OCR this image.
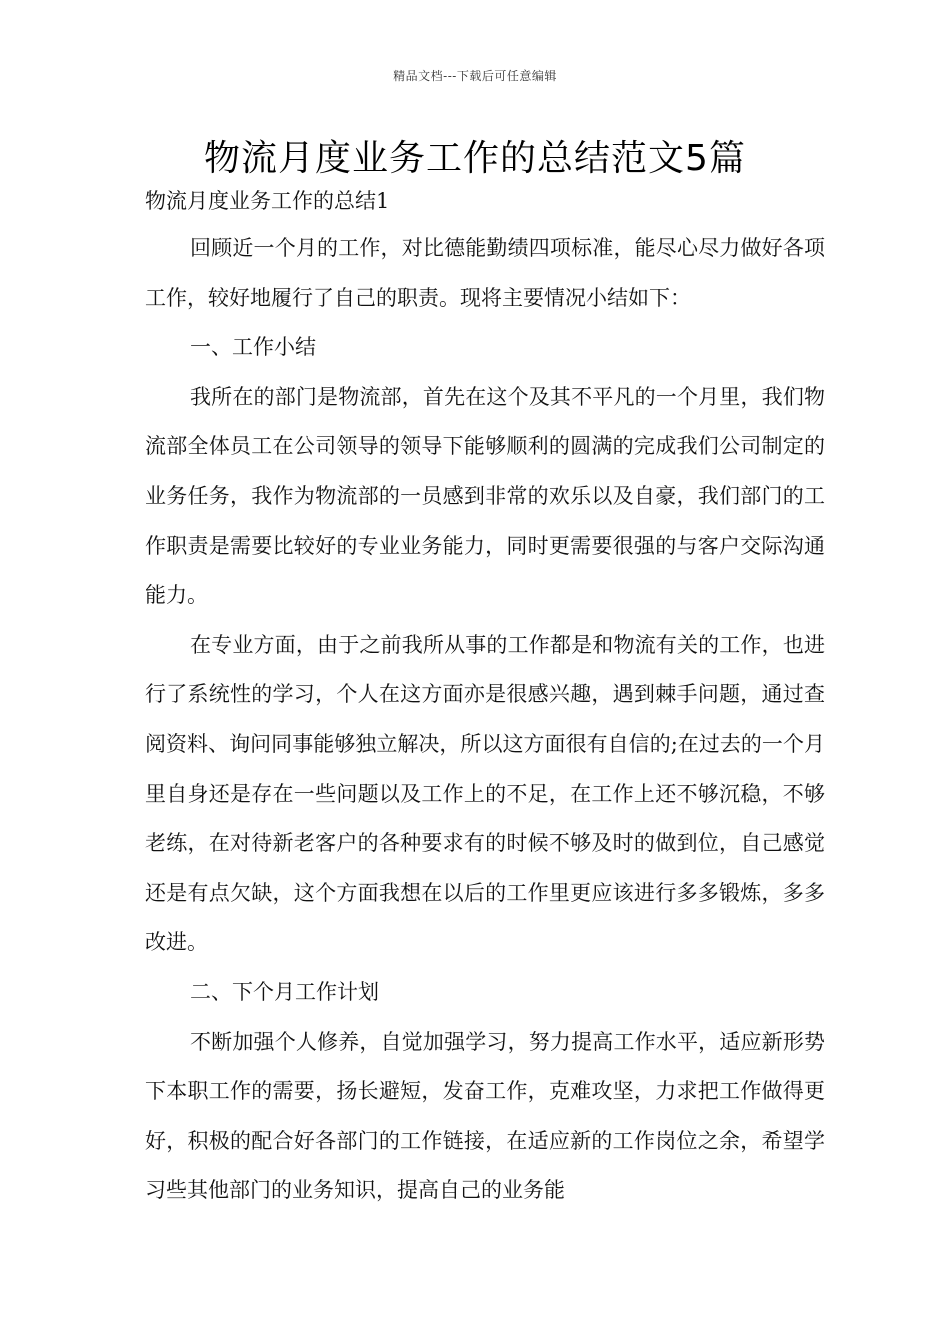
精品文档---下载后可任意编辑
物流月度业务工作的总结范文5篇

物流月度业务工作的总结1

回顾近一个月的工作，对比德能勤绩四项标准，能尽心尽力做好各项工作，较好地履行了自己的职责。现将主要情况小结如下：

一、工作小结

我所在的部门是物流部，首先在这个及其不平凡的一个月里，我们物流部全体员工在公司领导的领导下能够顺利的圆满的完成我们公司制定的业务任务，我作为物流部的一员感到非常的欢乐以及自豪，我们部门的工作职责是需要比较好的专业业务能力，同时更需要很强的与客户交际沟通能力。

在专业方面，由于之前我所从事的工作都是和物流有关的工作，也进行了系统性的学习，个人在这方面亦是很感兴趣，遇到棘手问题，通过查阅资料、询问同事能够独立解决，所以这方面很有自信的;在过去的一个月里自身还是存在一些问题以及工作上的不足，在工作上还不够沉稳，不够老练，在对待新老客户的各种要求有的时候不够及时的做到位，自己感觉还是有点欠缺，这个方面我想在以后的工作里更应该进行多多锻炼，多多改进。

二、下个月工作计划

不断加强个人修养，自觉加强学习，努力提高工作水平，适应新形势下本职工作的需要，扬长避短，发奋工作，克难攻坚，力求把工作做得更好，积极的配合好各部门的工作链接，在适应新的工作岗位之余，希望学习些其他部门的业务知识，提高自己的业务能
